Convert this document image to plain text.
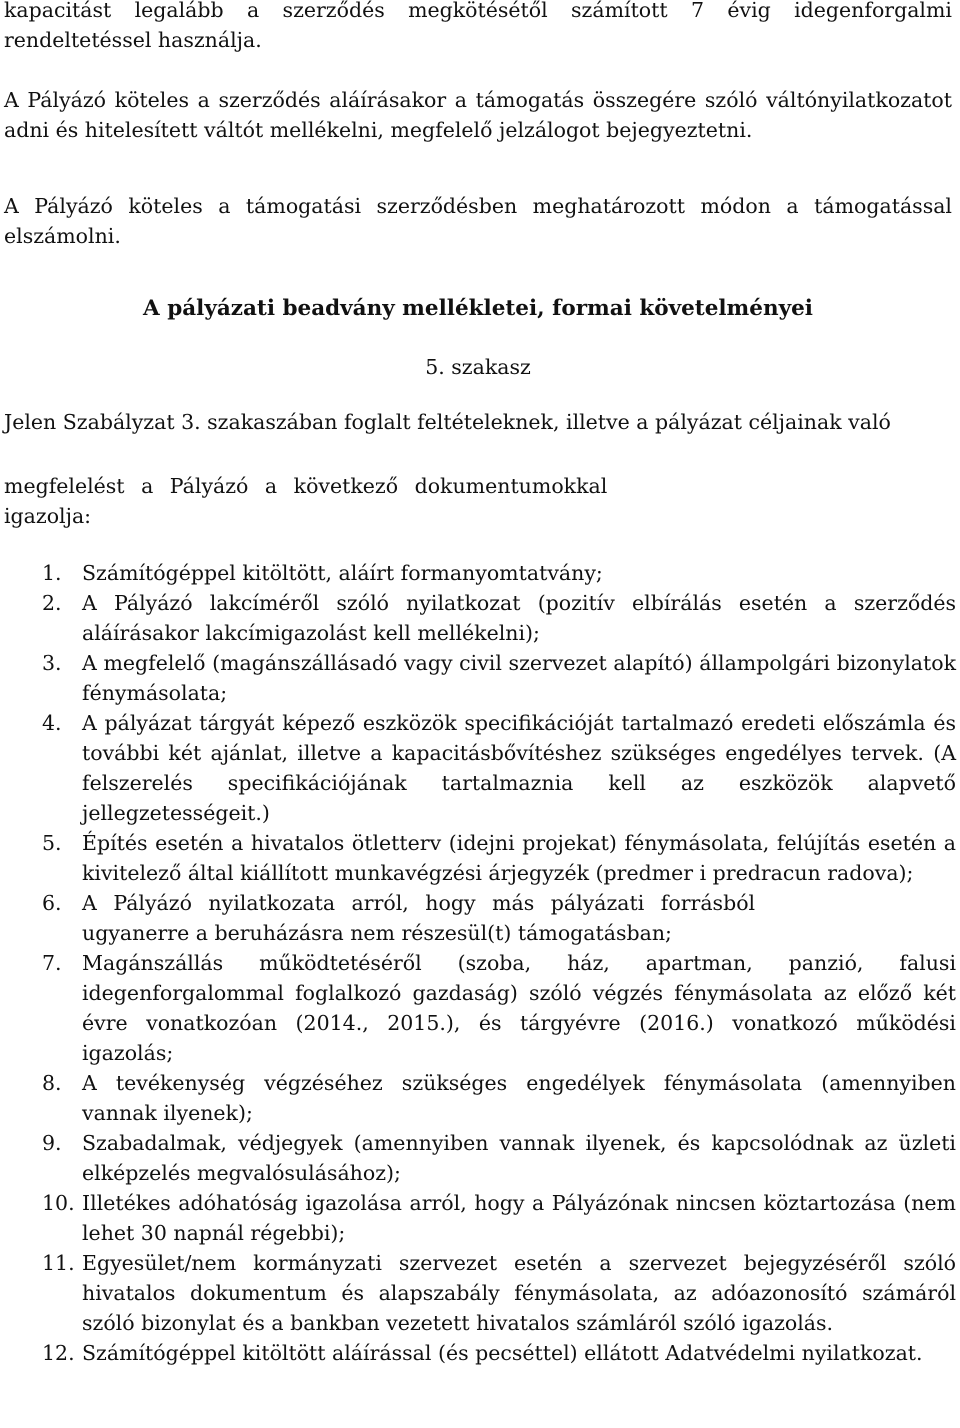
kapacitást legalább a szerződés megkötésétől számított 7 évig idegenforgalmi rendeltetéssel használja.

A Pályázó köteles a szerződés aláírásakor a támogatás összegére szóló váltónyilatkozatot adni és hitelesített váltót mellékelni, megfelelő jelzálogot bejegyeztetni.

A Pályázó köteles a támogatási szerződésben meghatározott módon a támogatással elszámolni.

A pályázati beadvány mellékletei, formai követelményei

5. szakasz

Jelen Szabályzat 3. szakaszában foglalt feltételeknek, illetve a pályázat céljainak való

megfelelést a Pályázó a következő dokumentumokkal
igazolja:

1. Számítógéppel kitöltött, aláírt formanyomtatvány;
2. A Pályázó lakcíméről szóló nyilatkozat (pozitív elbírálás esetén a szerződés aláírásakor lakcímigazolást kell mellékelni);
3. A megfelelő (magánszállásadó vagy civil szervezet alapító) állampolgári bizonylatok fénymásolata;
4. A pályázat tárgyát képező eszközök specifikációját tartalmazó eredeti előszámla és további két ajánlat, illetve a kapacitásbővítéshez szükséges engedélyes tervek. (A felszerelés specifikációjának tartalmaznia kell az eszközök alapvető jellegzetességeit.)
5. Építés esetén a hivatalos ötletterv (idejni projekat) fénymásolata, felújítás esetén a kivitelező által kiállított munkavégzési árjegyzék (predmer i predracun radova);
6. A Pályázó nyilatkozata arról, hogy más pályázati forrásból
ugyanerre a beruházásra nem részesül(t) támogatásban;
7. Magánszállás működtetéséről (szoba, ház, apartman, panzió, falusi idegenforgalommal foglalkozó gazdaság) szóló végzés fénymásolata az előző két évre vonatkozóan (2014., 2015.), és tárgyévre (2016.) vonatkozó működési igazolás;
8. A tevékenység végzéséhez szükséges engedélyek fénymásolata (amennyiben vannak ilyenek);
9. Szabadalmak, védjegyek (amennyiben vannak ilyenek, és kapcsolódnak az üzleti elképzelés megvalósulásához);
10. Illetékes adóhatóság igazolása arról, hogy a Pályázónak nincsen köztartozása (nem lehet 30 napnál régebbi);
11. Egyesület/nem kormányzati szervezet esetén a szervezet bejegyzéséről szóló hivatalos dokumentum és alapszabály fénymásolata, az adóazonosító számáról szóló bizonylat és a bankban vezetett hivatalos számláról szóló igazolás.
12. Számítógéppel kitöltött aláírással (és pecséttel) ellátott Adatvédelmi nyilatkozat.
